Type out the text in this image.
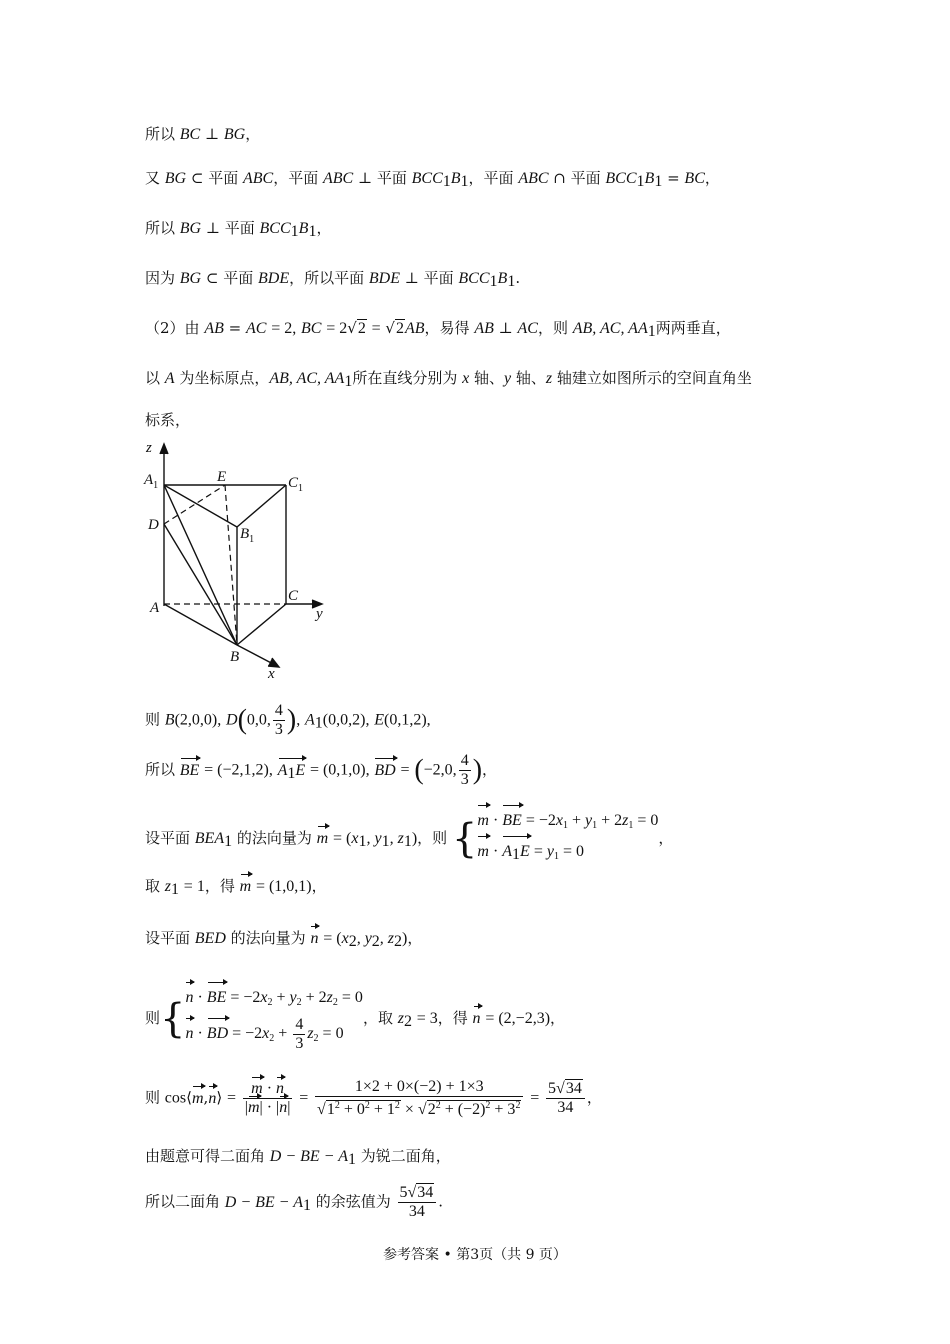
所以 BC ⊥ BG，
又 BG ⊂ 平面 ABC，平面 ABC ⊥ 平面 $BCC_1B_1$，平面 ABC ∩ 平面 $BCC_1B_1$ = BC，
所以 BG ⊥ 平面 $BCC_1B_1$，
因为 BG ⊂ 平面 BDE，所以平面 BDE ⊥ 平面 $BCC_1B_1$.
（2）由 AB = AC = 2, BC = 2√2 = √2AB，易得 AB ⊥ AC，则 AB, AC, $AA_1$两两垂直，
以 A 为坐标原点，AB, AC, $AA_1$所在直线分别为 x 轴、y 轴、z 轴建立如图所示的空间直角坐
标系，
z
$A_1$
E	$C_1$
D
$B_1$
A
C
y
B
x
则 B(2,0,0), D(0,0, $\frac{4}{3}$ ), $A_1(0,0,2)$, E(0,1,2),
所以 BE = (−2,1,2), $A_1E = (0,1,0)$, BD = (−2,0, $\frac{4}{3}$ )，
设平面 $BEA_1$ 的法向量为 $m = (x_1$, $y_1$, $z_1$)，则 { m · BE = $-2x_1 + y_1 + 2z_1 = 0$
$m \cdot A_1E = y_1 = 0$
，
取 $z_1 = 1$，得 m = (1,0,1)，
设平面 BED 的法向量为 $n = (x_2$, $y_2$, $z_2$)，
则{ n · BE = $-2x_2 + y_2 + 2z_2 = 0$
n · BD = $-2x_2 + \frac{4}{3} z_2 = 0$
，取 $z_2 = 3$，得 n = (2,−2,3)，
则 cos⟨m,n⟩ = $\frac{m \cdot n}{|m| \cdot |n|} = \frac{1\times 2 + 0\times(-2) + 1\times 3}{√1^2 + 0^2 + 1^2 \times √2^2 + (-2)^2 + 3^2} = \frac{5√34}{34}$ ，
由题意可得二面角 D − BE − $A_1$ 为锐二面角，
所以二面角 D − BE − $A_1$ 的余弦值为 $\frac{5√34}{34}$ .
参考答案 • 第3页（共 9 页）
